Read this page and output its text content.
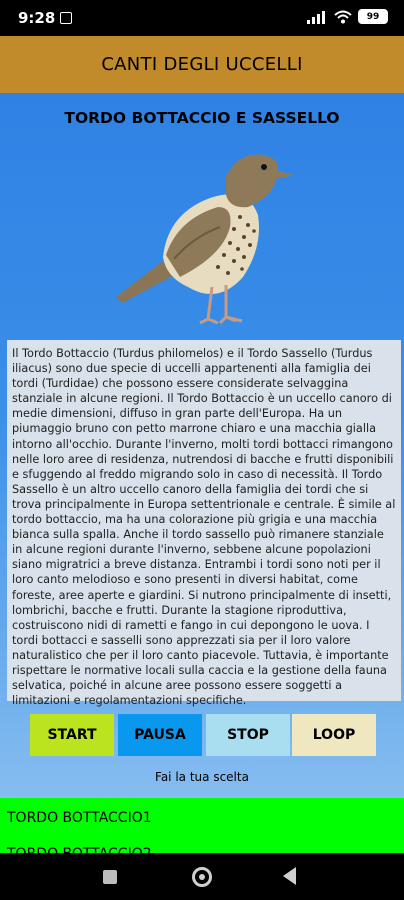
9:28	99
CANTI DEGLI UCCELLI
TORDO BOTTACCIO E SASSELLO
Il Tordo Bottaccio (Turdus philomelos) e il Tordo Sassello (Turdus iliacus) sono due specie di uccelli appartenenti alla famiglia dei tordi (Turdidae) che possono essere considerate selvaggina stanziale in alcune regioni. Il Tordo Bottaccio è un uccello canoro di medie dimensioni, diffuso in gran parte dell'Europa. Ha un piumaggio bruno con petto marrone chiaro e una macchia gialla intorno all'occhio. Durante l'inverno, molti tordi bottacci rimangono nelle loro aree di residenza, nutrendosi di bacche e frutti disponibili e sfuggendo al freddo migrando solo in caso di necessità. Il Tordo Sassello è un altro uccello canoro della famiglia dei tordi che si trova principalmente in Europa settentrionale e centrale. È simile al tordo bottaccio, ma ha una colorazione più grigia e una macchia bianca sulla spalla. Anche il tordo sassello può rimanere stanziale in alcune regioni durante l'inverno, sebbene alcune popolazioni siano migratrici a breve distanza. Entrambi i tordi sono noti per il loro canto melodioso e sono presenti in diversi habitat, come foreste, aree aperte e giardini. Si nutrono principalmente di insetti, lombrichi, bacche e frutti. Durante la stagione riproduttiva, costruiscono nidi di rametti e fango in cui depongono le uova. I tordi bottacci e sasselli sono apprezzati sia per il loro valore naturalistico che per il loro canto piacevole. Tuttavia, è importante rispettare le normative locali sulla caccia e la gestione della fauna selvatica, poiché in alcune aree possono essere soggetti a limitazioni e regolamentazioni specifiche.
START	PAUSA	STOP	LOOP
Fai la tua scelta
TORDO BOTTACCIO1
